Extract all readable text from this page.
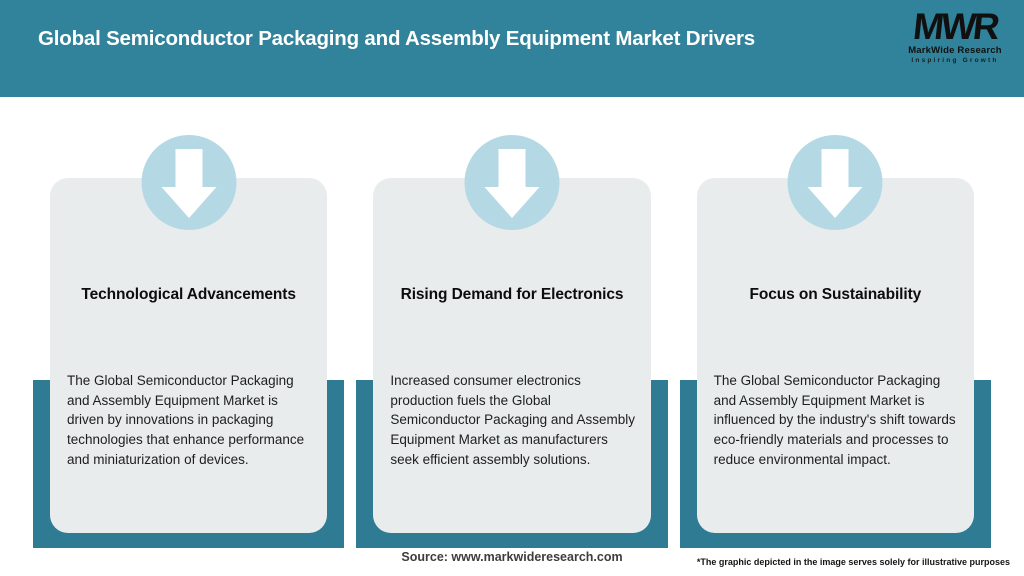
Global Semiconductor Packaging and Assembly Equipment Market Drivers	MWR
MarkWide Research
Inspiring Growth
Technological Advancements
The Global Semiconductor Packaging and Assembly Equipment Market is driven by innovations in packaging technologies that enhance performance and miniaturization of devices.
Rising Demand for Electronics
Increased consumer electronics production fuels the Global Semiconductor Packaging and Assembly Equipment Market as manufacturers seek efficient assembly solutions.
Focus on Sustainability
The Global Semiconductor Packaging and Assembly Equipment Market is influenced by the industry's shift towards eco-friendly materials and processes to reduce environmental impact.
Source: www.markwideresearch.com	*The graphic depicted in the image serves solely for illustrative purposes
